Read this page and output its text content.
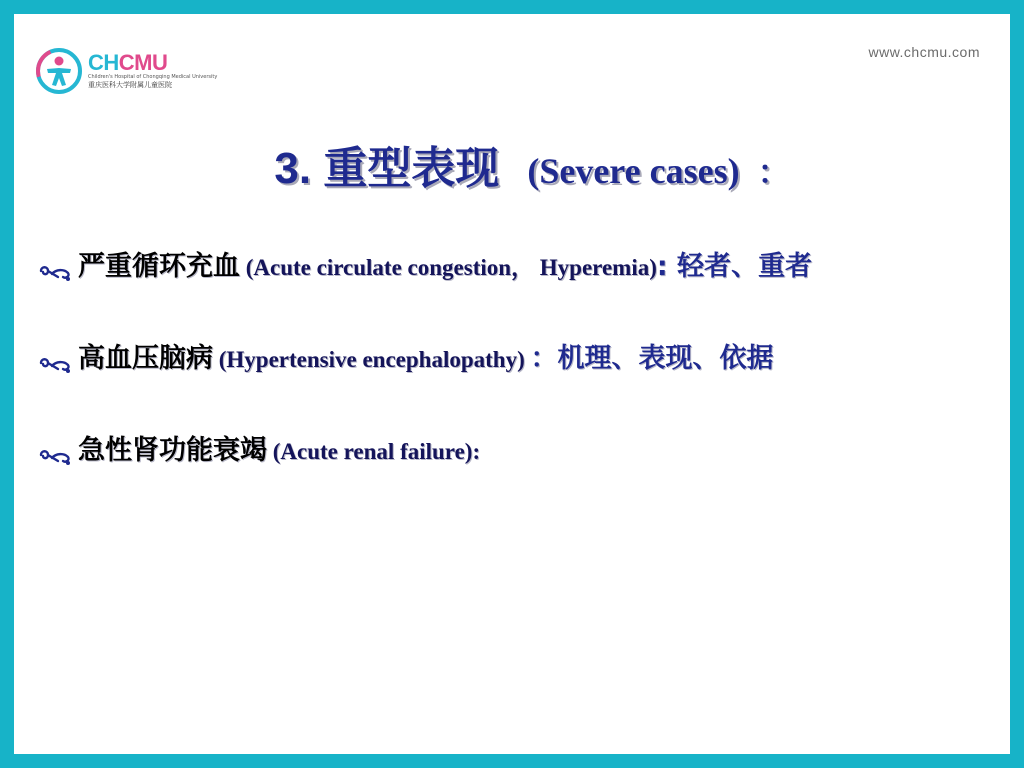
CHCMU
Children's Hospital of Chongqing Medical University
重庆医科大学附属儿童医院
www.chcmu.com
3. 重型表现 (Severe cases) ：
严重循环充血 (Acute circulate congestion， Hyperemia): 轻者、重者
高血压脑病 (Hypertensive encephalopathy) ：机理、表现、依据
急性肾功能衰竭 (Acute renal failure):
